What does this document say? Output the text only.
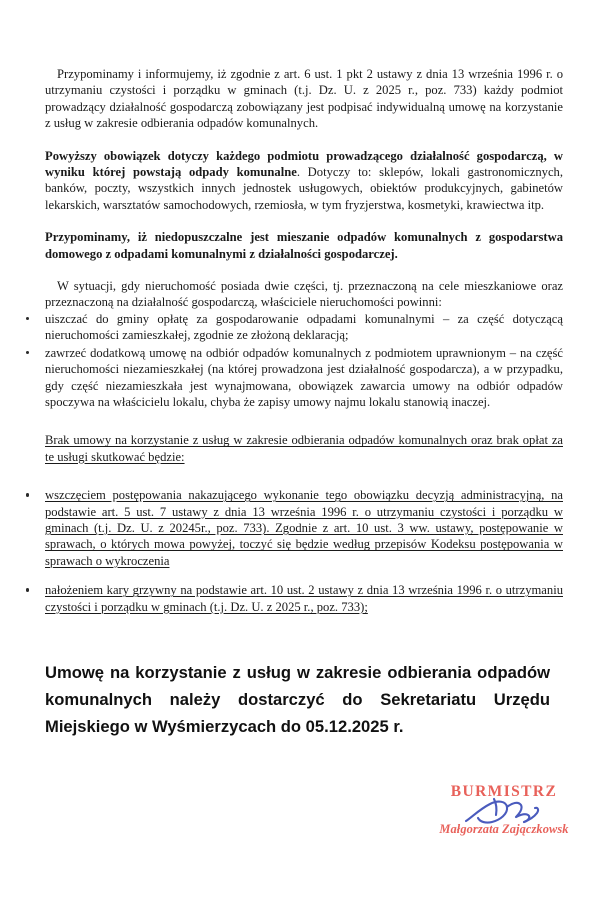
Przypominamy i informujemy, iż zgodnie z art. 6 ust. 1 pkt 2 ustawy z dnia 13 września 1996 r. o utrzymaniu czystości i porządku w gminach (t.j. Dz. U. z 2025 r., poz. 733) każdy podmiot prowadzący działalność gospodarczą zobowiązany jest podpisać indywidualną umowę na korzystanie z usług w zakresie odbierania odpadów komunalnych.

Powyższy obowiązek dotyczy każdego podmiotu prowadzącego działalność gospodarczą, w wyniku której powstają odpady komunalne. Dotyczy to: sklepów, lokali gastronomicznych, banków, poczty, wszystkich innych jednostek usługowych, obiektów produkcyjnych, gabinetów lekarskich, warsztatów samochodowych, rzemiosła, w tym fryzjerstwa, kosmetyki, krawiectwa itp.

Przypominamy, iż niedopuszczalne jest mieszanie odpadów komunalnych z gospodarstwa domowego z odpadami komunalnymi z działalności gospodarczej.

W sytuacji, gdy nieruchomość posiada dwie części, tj. przeznaczoną na cele mieszkaniowe oraz przeznaczoną na działalność gospodarczą, właściciele nieruchomości powinni:

uiszczać do gminy opłatę za gospodarowanie odpadami komunalnymi – za część dotyczącą nieruchomości zamieszkałej, zgodnie ze złożoną deklaracją;
zawrzeć dodatkową umowę na odbiór odpadów komunalnych z podmiotem uprawnionym – na część nieruchomości niezamieszkałej (na której prowadzona jest działalność gospodarcza), a w przypadku, gdy część niezamieszkała jest wynajmowana, obowiązek zawarcia umowy na odbiór odpadów spoczywa na właścicielu lokalu, chyba że zapisy umowy najmu lokalu stanowią inaczej.

Brak umowy na korzystanie z usług w zakresie odbierania odpadów komunalnych oraz brak opłat za te usługi skutkować będzie:

wszczęciem postępowania nakazującego wykonanie tego obowiązku decyzją administracyjną, na podstawie art. 5 ust. 7 ustawy z dnia 13 września 1996 r. o utrzymaniu czystości i porządku w gminach (t.j. Dz. U. z 20245r., poz. 733). Zgodnie z art. 10 ust. 3 ww. ustawy, postępowanie w sprawach, o których mowa powyżej, toczyć się będzie według przepisów Kodeksu postępowania w sprawach o wykroczenia
nałożeniem kary grzywny na podstawie art. 10 ust. 2 ustawy z dnia 13 września 1996 r. o utrzymaniu czystości i porządku w gminach (t.j. Dz. U. z 2025 r., poz. 733);

Umowę na korzystanie z usług w zakresie odbierania odpadów komunalnych należy dostarczyć do Sekretariatu Urzędu Miejskiego w Wyśmierzycach do 05.12.2025 r.

BURMISTRZ
Małgorzata Zajączkowsk
